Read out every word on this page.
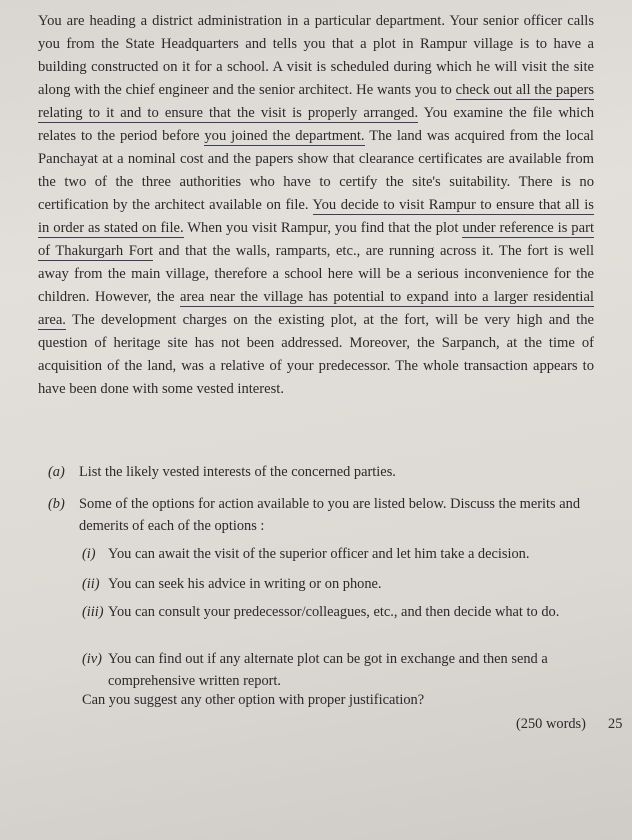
You are heading a district administration in a particular department. Your senior officer calls you from the State Headquarters and tells you that a plot in Rampur village is to have a building constructed on it for a school. A visit is scheduled during which he will visit the site along with the chief engineer and the senior architect. He wants you to check out all the papers relating to it and to ensure that the visit is properly arranged. You examine the file which relates to the period before you joined the department. The land was acquired from the local Panchayat at a nominal cost and the papers show that clearance certificates are available from the two of the three authorities who have to certify the site's suitability. There is no certification by the architect available on file. You decide to visit Rampur to ensure that all is in order as stated on file. When you visit Rampur, you find that the plot under reference is part of Thakurgarh Fort and that the walls, ramparts, etc., are running across it. The fort is well away from the main village, therefore a school here will be a serious inconvenience for the children. However, the area near the village has potential to expand into a larger residential area. The development charges on the existing plot, at the fort, will be very high and the question of heritage site has not been addressed. Moreover, the Sarpanch, at the time of acquisition of the land, was a relative of your predecessor. The whole transaction appears to have been done with some vested interest.
(a) List the likely vested interests of the concerned parties.
(b) Some of the options for action available to you are listed below. Discuss the merits and demerits of each of the options :
(i) You can await the visit of the superior officer and let him take a decision.
(ii) You can seek his advice in writing or on phone.
(iii) You can consult your predecessor/colleagues, etc., and then decide what to do.
(iv) You can find out if any alternate plot can be got in exchange and then send a comprehensive written report.
Can you suggest any other option with proper justification?
(250 words) 25
